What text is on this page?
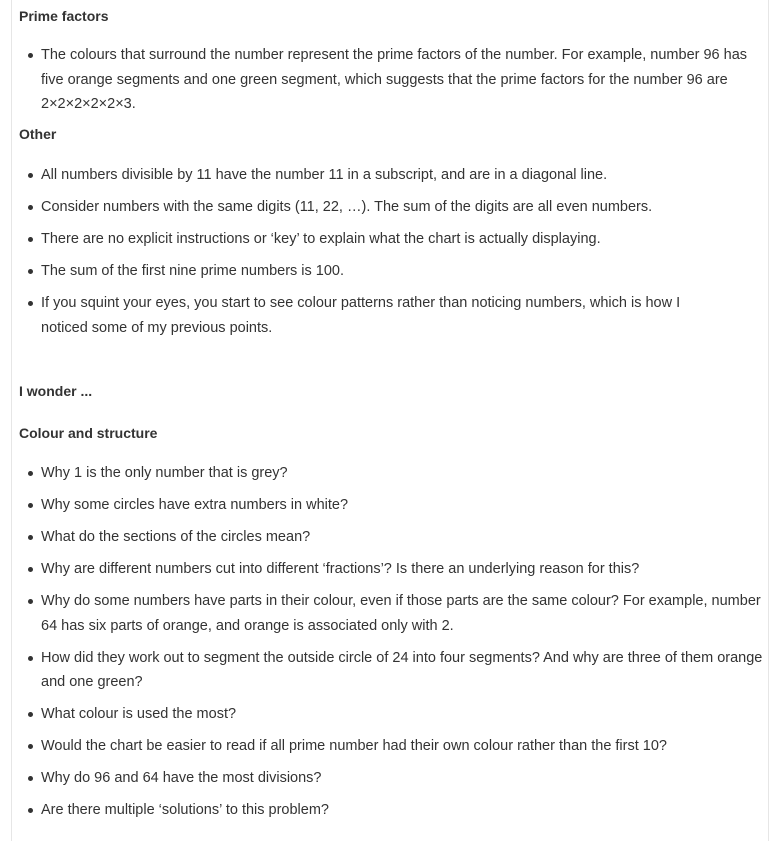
Prime factors
The colours that surround the number represent the prime factors of the number. For example, number 96 has five orange segments and one green segment, which suggests that the prime factors for the number 96 are 2×2×2×2×2×3.
Other
All numbers divisible by 11 have the number 11 in a subscript, and are in a diagonal line.
Consider numbers with the same digits (11, 22, …). The sum of the digits are all even numbers.
There are no explicit instructions or ‘key’ to explain what the chart is actually displaying.
The sum of the first nine prime numbers is 100.
If you squint your eyes, you start to see colour patterns rather than noticing numbers, which is how I noticed some of my previous points.
I wonder ...
Colour and structure
Why 1 is the only number that is grey?
Why some circles have extra numbers in white?
What do the sections of the circles mean?
Why are different numbers cut into different ‘fractions’? Is there an underlying reason for this?
Why do some numbers have parts in their colour, even if those parts are the same colour? For example, number 64 has six parts of orange, and orange is associated only with 2.
How did they work out to segment the outside circle of 24 into four segments? And why are three of them orange and one green?
What colour is used the most?
Would the chart be easier to read if all prime number had their own colour rather than the first 10?
Why do 96 and 64 have the most divisions?
Are there multiple ‘solutions’ to this problem?
